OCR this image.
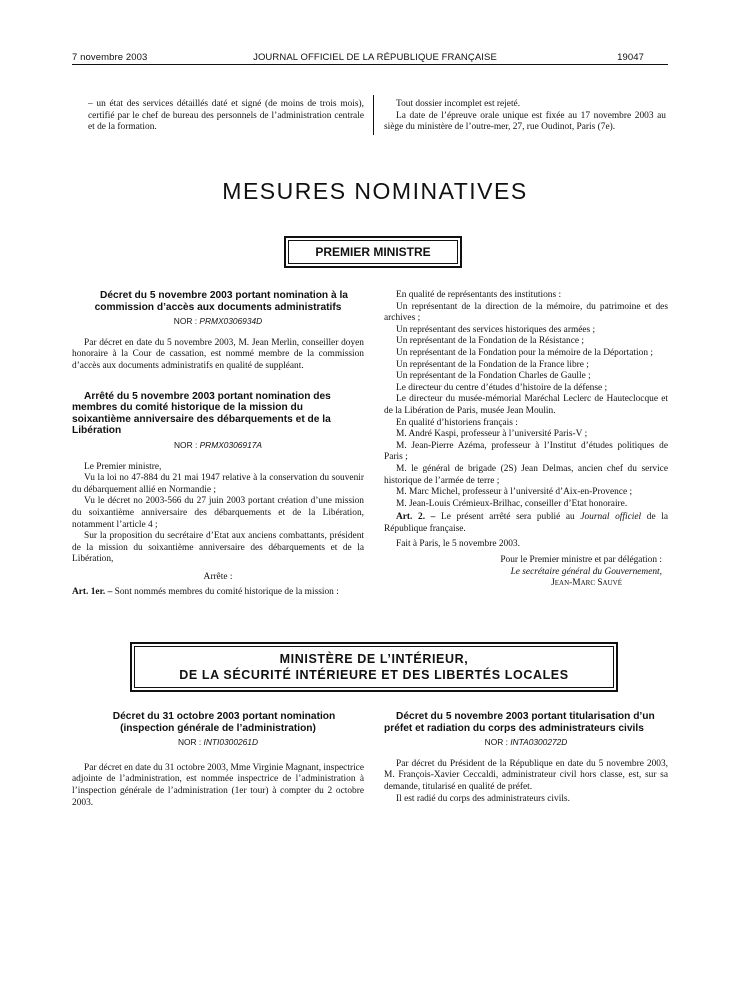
7 novembre 2003	JOURNAL OFFICIEL DE LA RÉPUBLIQUE FRANÇAISE	19047

– un état des services détaillés daté et signé (de moins de trois mois), certifié par le chef de bureau des personnels de l’administration centrale et de la formation.

Tout dossier incomplet est rejeté.

La date de l’épreuve orale unique est fixée au 17 novembre 2003 au siège du ministère de l’outre-mer, 27, rue Oudinot, Paris (7e).

MESURES NOMINATIVES
PREMIER MINISTRE

Décret du 5 novembre 2003 portant nomination à la commission d’accès aux documents administratifs

NOR : PRMX0306934D

Par décret en date du 5 novembre 2003, M. Jean Merlin, conseiller doyen honoraire à la Cour de cassation, est nommé membre de la commission d’accès aux documents administratifs en qualité de suppléant.

Arrêté du 5 novembre 2003 portant nomination des membres du comité historique de la mission du soixantième anniversaire des débarquements et de la Libération

NOR : PRMX0306917A

Le Premier ministre,

Vu la loi no 47-884 du 21 mai 1947 relative à la conservation du souvenir du débarquement allié en Normandie ;

Vu le décret no 2003-566 du 27 juin 2003 portant création d’une mission du soixantième anniversaire des débarquements et de la Libération, notamment l’article 4 ;

Sur la proposition du secrétaire d’Etat aux anciens combattants, président de la mission du soixantième anniversaire des débarquements et de la Libération,

Arrête :

Art. 1er. – Sont nommés membres du comité historique de la mission :

En qualité de représentants des institutions :

Un représentant de la direction de la mémoire, du patrimoine et des archives ;

Un représentant des services historiques des armées ;

Un représentant de la Fondation de la Résistance ;

Un représentant de la Fondation pour la mémoire de la Déportation ;

Un représentant de la Fondation de la France libre ;

Un représentant de la Fondation Charles de Gaulle ;

Le directeur du centre d’études d’histoire de la défense ;

Le directeur du musée-mémorial Maréchal Leclerc de Hauteclocque et de la Libération de Paris, musée Jean Moulin.

En qualité d’historiens français :

M. André Kaspi, professeur à l’université Paris-V ;

M. Jean-Pierre Azéma, professeur à l’Institut d’études politiques de Paris ;

M. le général de brigade (2S) Jean Delmas, ancien chef du service historique de l’armée de terre ;

M. Marc Michel, professeur à l’université d’Aix-en-Provence ;

M. Jean-Louis Crémieux-Brilhac, conseiller d’Etat honoraire.

Art. 2. – Le présent arrêté sera publié au Journal officiel de la République française.

Fait à Paris, le 5 novembre 2003.

Pour le Premier ministre et par délégation :

Le secrétaire général du Gouvernement,

Jean-Marc Sauvé

MINISTÈRE DE L’INTÉRIEUR,
DE LA SÉCURITÉ INTÉRIEURE ET DES LIBERTÉS LOCALES

Décret du 31 octobre 2003 portant nomination (inspection générale de l’administration)

NOR : INTI0300261D

Par décret en date du 31 octobre 2003, Mme Virginie Magnant, inspectrice adjointe de l’administration, est nommée inspectrice de l’administration à l’inspection générale de l’administration (1er tour) à compter du 2 octobre 2003.

Décret du 5 novembre 2003 portant titularisation d’un préfet et radiation du corps des administrateurs civils

NOR : INTA0300272D

Par décret du Président de la République en date du 5 novembre 2003, M. François-Xavier Ceccaldi, administrateur civil hors classe, est, sur sa demande, titularisé en qualité de préfet.

Il est radié du corps des administrateurs civils.
